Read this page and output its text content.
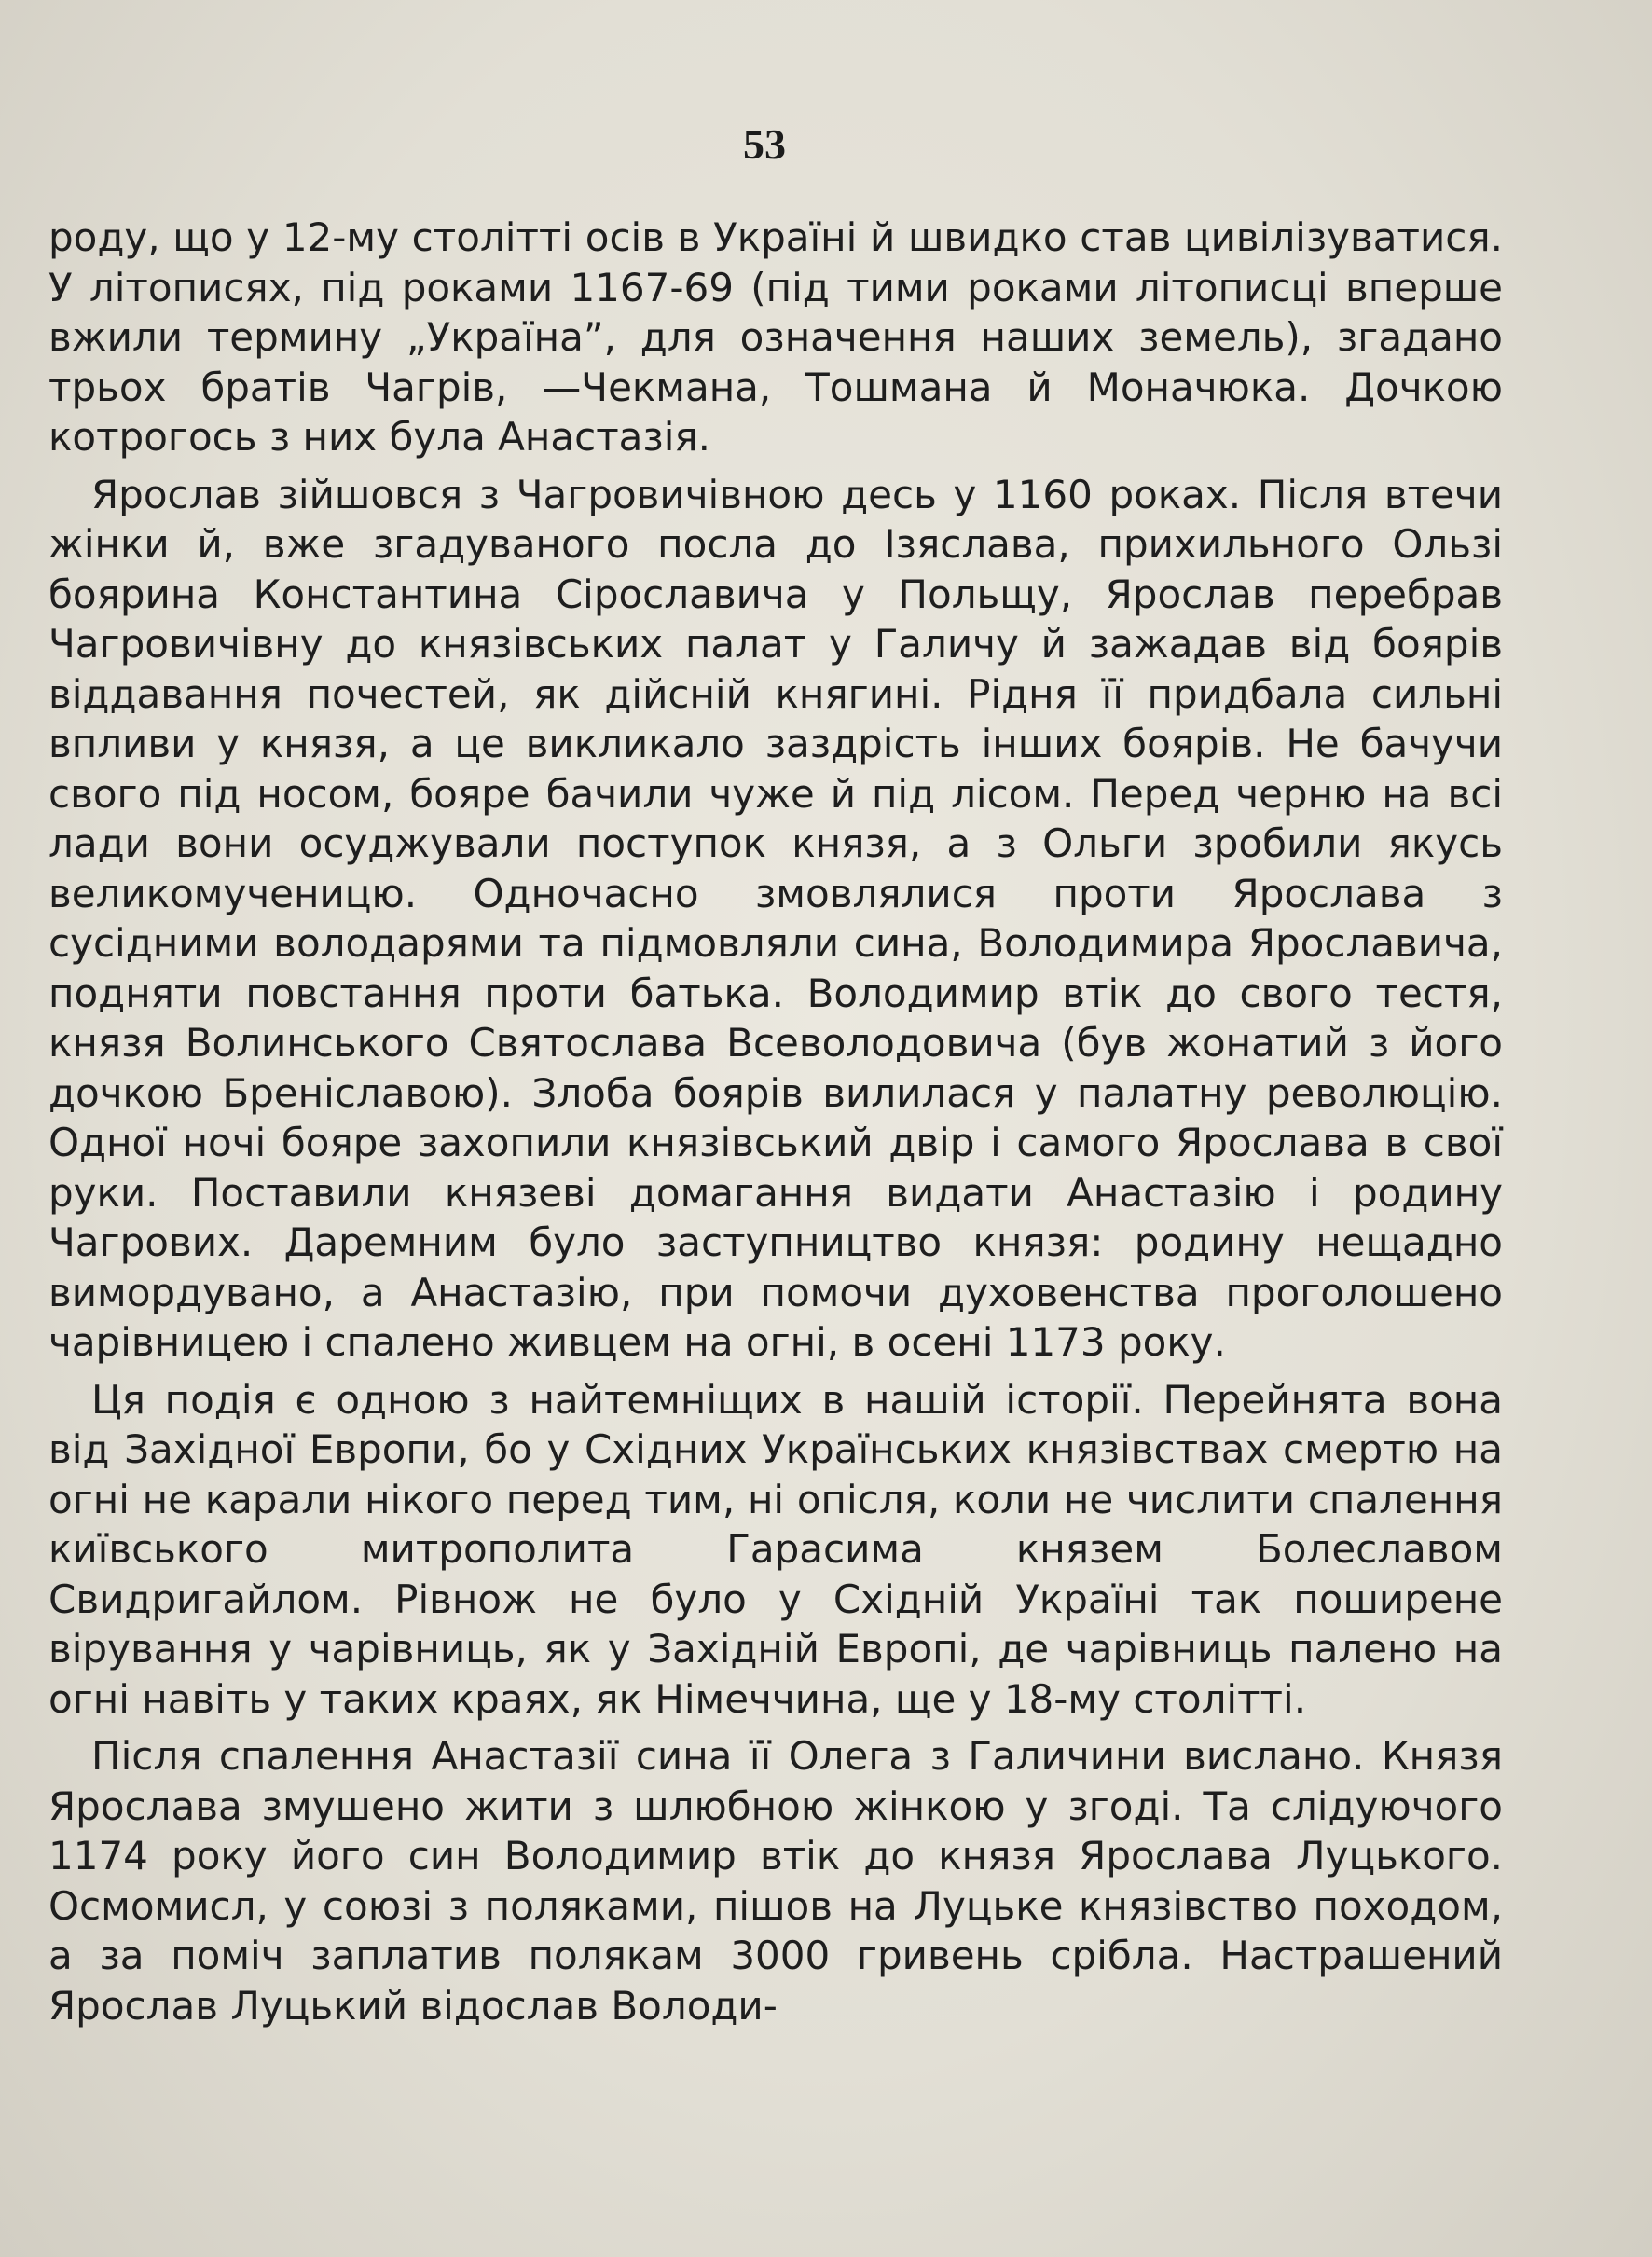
53

роду, що у 12-му столітті осів в Україні й швидко став цивілізуватися. У літописях, під роками 1167-69 (під тими роками літописці вперше вжили термину „Україна”, для означення наших земель), згадано трьох братів Чагрів, —Чекмана, Тошмана й Моначюка. Дочкою котрогось з них була Анастазія.

Ярослав зійшовся з Чагровичівною десь у 1160 роках. Після втечи жінки й, вже згадуваного посла до Ізяслава, прихильного Ользі боярина Константина Сірославича у Польщу, Ярослав перебрав Чагровичівну до князівських палат у Галичу й зажадав від боярів віддавання почестей, як дійсній княгині. Рідня її придбала сильні впливи у князя, а це викликало заздрість інших боярів. Не бачучи свого під носом, бояре бачили чуже й під лісом. Перед черню на всі лади вони осуджували поступок князя, а з Ольги зробили якусь великомученицю. Одночасно змовлялися проти Ярослава з сусідними володарями та підмовляли сина, Володимира Ярославича, подняти повстання проти батька. Володимир втік до свого тестя, князя Волинського Святослава Всеволодовича (був жонатий з його дочкою Бреніславою). Злоба боярів вилилася у палатну революцію. Одної ночі бояре захопили князівський двір і самого Ярослава в свої руки. Поставили князеві домагання видати Анастазію і родину Чагрових. Даремним було заступництво князя: родину нещадно вимордувано, а Анастазію, при помочи духовенства проголошено чарівницею і спалено живцем на огні, в осені 1173 року.

Ця подія є одною з найтемніщих в нашій історії. Перейнята вона від Західної Европи, бо у Східних Українських князівствах смертю на огні не карали нікого перед тим, ні опісля, коли не числити спалення київського митрополита Гарасима князем Болеславом Свидригайлом. Рівнож не було у Східній Україні так поширене вірування у чарівниць, як у Західній Европі, де чарівниць палено на огні навіть у таких краях, як Німеччина, ще у 18-му столітті.

Після спалення Анастазії сина її Олега з Галичини вислано. Князя Ярослава змушено жити з шлюбною жінкою у згоді. Та слідуючого 1174 року його син Володимир втік до князя Ярослава Луцького. Осмомисл, у союзі з поляками, пішов на Луцьке князівство походом, а за поміч заплатив полякам 3000 гривень срібла. Настрашений Ярослав Луцький відослав Володи-
